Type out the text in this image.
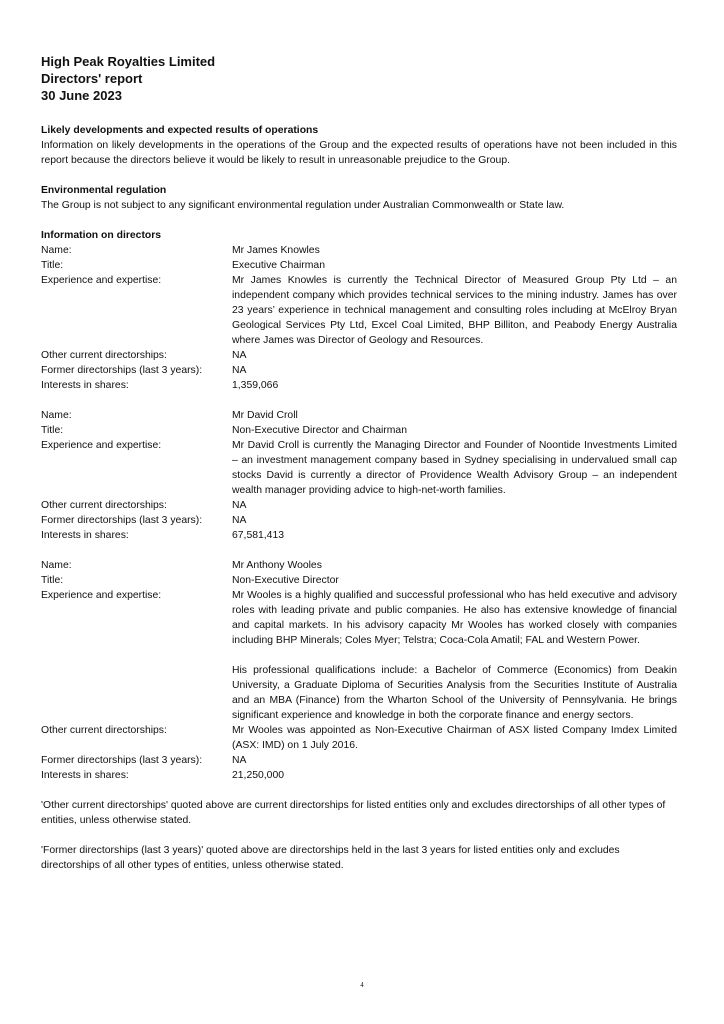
High Peak Royalties Limited
Directors' report
30 June 2023
Likely developments and expected results of operations
Information on likely developments in the operations of the Group and the expected results of operations have not been included in this report because the directors believe it would be likely to result in unreasonable prejudice to the Group.
Environmental regulation
The Group is not subject to any significant environmental regulation under Australian Commonwealth or State law.
Information on directors
Name:	Mr James Knowles
Title:	Executive Chairman
Experience and expertise:	Mr James Knowles is currently the Technical Director of Measured Group Pty Ltd – an independent company which provides technical services to the mining industry. James has over 23 years’ experience in technical management and consulting roles including at McElroy Bryan Geological Services Pty Ltd, Excel Coal Limited, BHP Billiton, and Peabody Energy Australia where James was Director of Geology and Resources.
Other current directorships:	NA
Former directorships (last 3 years):	NA
Interests in shares:	1,359,066
Name:	Mr David Croll
Title:	Non-Executive Director and Chairman
Experience and expertise:	Mr David Croll is currently the Managing Director and Founder of Noontide Investments Limited – an investment management company based in Sydney specialising in undervalued small cap stocks David is currently a director of Providence Wealth Advisory Group – an independent wealth manager providing advice to high-net-worth families.
Other current directorships:	NA
Former directorships (last 3 years):	NA
Interests in shares:	67,581,413
Name:	Mr Anthony Wooles
Title:	Non-Executive Director
Experience and expertise:	Mr Wooles is a highly qualified and successful professional who has held executive and advisory roles with leading private and public companies. He also has extensive knowledge of financial and capital markets. In his advisory capacity Mr Wooles has worked closely with companies including BHP Minerals; Coles Myer; Telstra; Coca-Cola Amatil; FAL and Western Power.

His professional qualifications include: a Bachelor of Commerce (Economics) from Deakin University, a Graduate Diploma of Securities Analysis from the Securities Institute of Australia and an MBA (Finance) from the Wharton School of the University of Pennsylvania. He brings significant experience and knowledge in both the corporate finance and energy sectors.
Other current directorships:	Mr Wooles was appointed as Non-Executive Chairman of ASX listed Company Imdex Limited (ASX: IMD) on 1 July 2016.
Former directorships (last 3 years):	NA
Interests in shares:	21,250,000
'Other current directorships' quoted above are current directorships for listed entities only and excludes directorships of all other types of entities, unless otherwise stated.
'Former directorships (last 3 years)' quoted above are directorships held in the last 3 years for listed entities only and excludes directorships of all other types of entities, unless otherwise stated.
4
